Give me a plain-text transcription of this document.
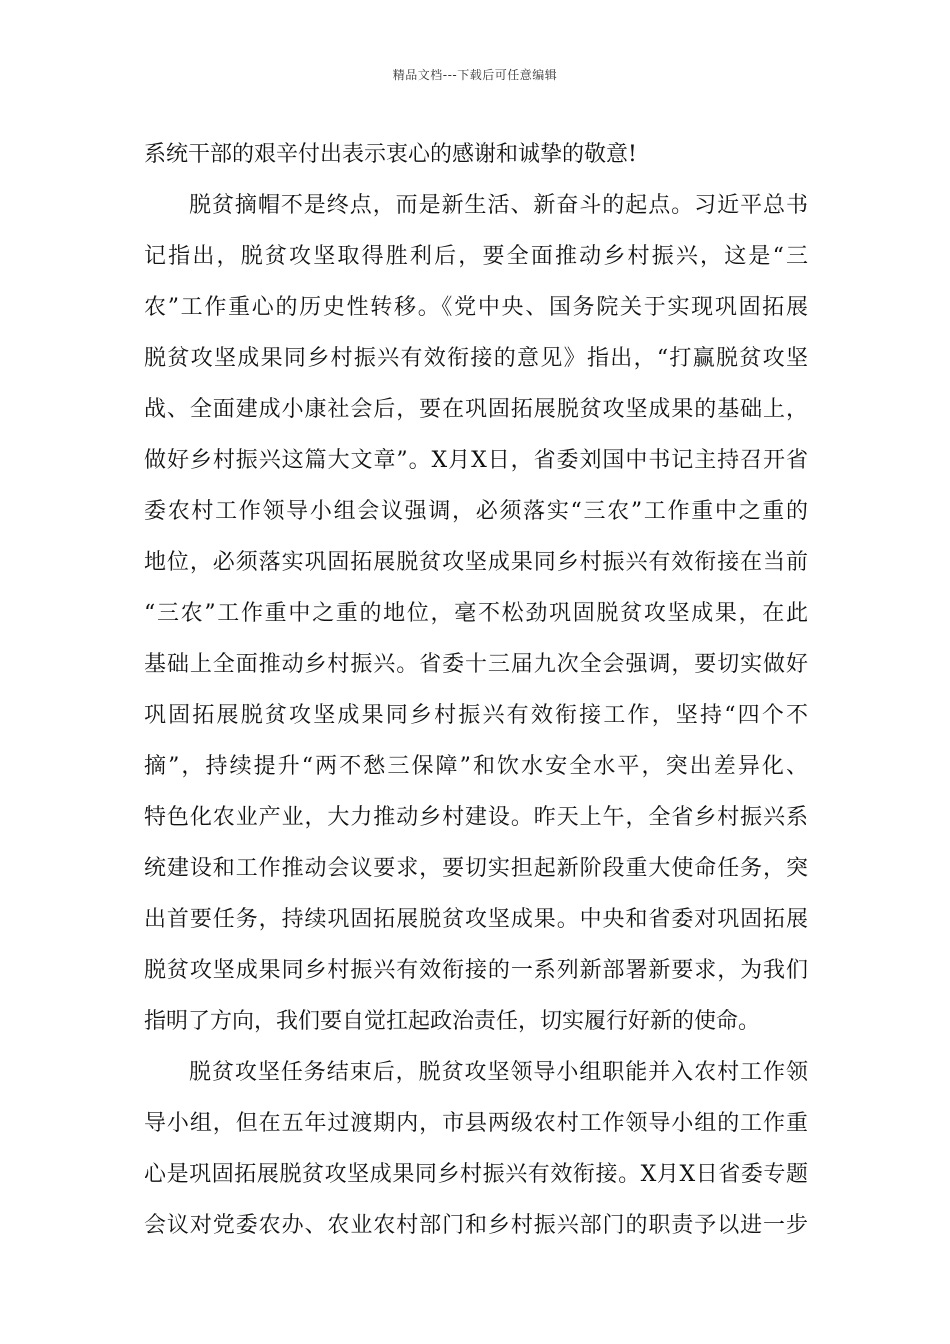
精品文档---下载后可任意编辑
系统干部的艰辛付出表示衷心的感谢和诚挚的敬意!
脱贫摘帽不是终点，而是新生活、新奋斗的起点。习近平总书
记指出，脱贫攻坚取得胜利后，要全面推动乡村振兴，这是“三
农”工作重心的历史性转移。《党中央、国务院关于实现巩固拓展
脱贫攻坚成果同乡村振兴有效衔接的意见》指出，“打赢脱贫攻坚
战、全面建成小康社会后，要在巩固拓展脱贫攻坚成果的基础上，
做好乡村振兴这篇大文章”。X月X日，省委刘国中书记主持召开省
委农村工作领导小组会议强调，必须落实“三农”工作重中之重的
地位，必须落实巩固拓展脱贫攻坚成果同乡村振兴有效衔接在当前
“三农”工作重中之重的地位，毫不松劲巩固脱贫攻坚成果，在此
基础上全面推动乡村振兴。省委十三届九次全会强调，要切实做好
巩固拓展脱贫攻坚成果同乡村振兴有效衔接工作，坚持“四个不
摘”，持续提升“两不愁三保障”和饮水安全水平，突出差异化、
特色化农业产业，大力推动乡村建设。昨天上午，全省乡村振兴系
统建设和工作推动会议要求，要切实担起新阶段重大使命任务，突
出首要任务，持续巩固拓展脱贫攻坚成果。中央和省委对巩固拓展
脱贫攻坚成果同乡村振兴有效衔接的一系列新部署新要求，为我们
指明了方向，我们要自觉扛起政治责任，切实履行好新的使命。
脱贫攻坚任务结束后，脱贫攻坚领导小组职能并入农村工作领
导小组，但在五年过渡期内，市县两级农村工作领导小组的工作重
心是巩固拓展脱贫攻坚成果同乡村振兴有效衔接。X月X日省委专题
会议对党委农办、农业农村部门和乡村振兴部门的职责予以进一步
